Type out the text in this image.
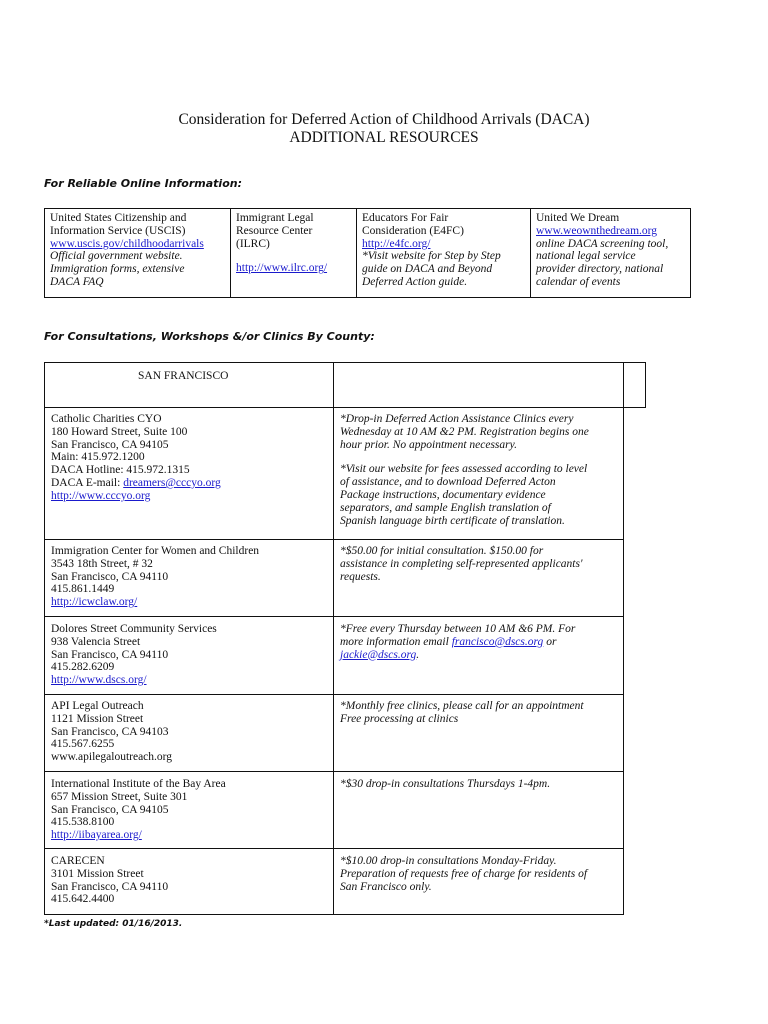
Consideration for Deferred Action of Childhood Arrivals (DACA)
ADDITIONAL RESOURCES
For Reliable Online Information:
United States Citizenship and
Information Service (USCIS)
www.uscis.gov/childhoodarrivals
Official government website.
Immigration forms, extensive
DACA FAQ
Immigrant Legal
Resource Center
(ILRC)
http://www.ilrc.org/
Educators For Fair
Consideration (E4FC)
http://e4fc.org/
*Visit website for Step by Step
guide on DACA and Beyond
Deferred Action guide.
United We Dream
www.weownthedream.org
online DACA screening tool,
national legal service
provider directory, national
calendar of events
For Consultations, Workshops &/or Clinics By County:
SAN FRANCISCO
Catholic Charities CYO
180 Howard Street, Suite 100
San Francisco, CA 94105
Main: 415.972.1200
DACA Hotline: 415.972.1315
DACA E-mail: dreamers@cccyo.org
http://www.cccyo.org
*Drop-in Deferred Action Assistance Clinics every
Wednesday at 10 AM &2 PM. Registration begins one
hour prior. No appointment necessary.
*Visit our website for fees assessed according to level
of assistance, and to download Deferred Acton
Package instructions, documentary evidence
separators, and sample English translation of
Spanish language birth certificate of translation.
Immigration Center for Women and Children
3543 18th Street, # 32
San Francisco, CA 94110
415.861.1449
http://icwclaw.org/
*$50.00 for initial consultation. $150.00 for
assistance in completing self-represented applicants'
requests.
Dolores Street Community Services
938 Valencia Street
San Francisco, CA 94110
415.282.6209
http://www.dscs.org/
*Free every Thursday between 10 AM &6 PM. For
more information email francisco@dscs.org or
jackie@dscs.org.
API Legal Outreach
1121 Mission Street
San Francisco, CA 94103
415.567.6255
www.apilegaloutreach.org
*Monthly free clinics, please call for an appointment
Free processing at clinics
International Institute of the Bay Area
657 Mission Street, Suite 301
San Francisco, CA 94105
415.538.8100
http://iibayarea.org/
*$30 drop-in consultations Thursdays 1-4pm.
CARECEN
3101 Mission Street
San Francisco, CA 94110
415.642.4400
*$10.00 drop-in consultations Monday-Friday.
Preparation of requests free of charge for residents of
San Francisco only.
*Last updated: 01/16/2013.
